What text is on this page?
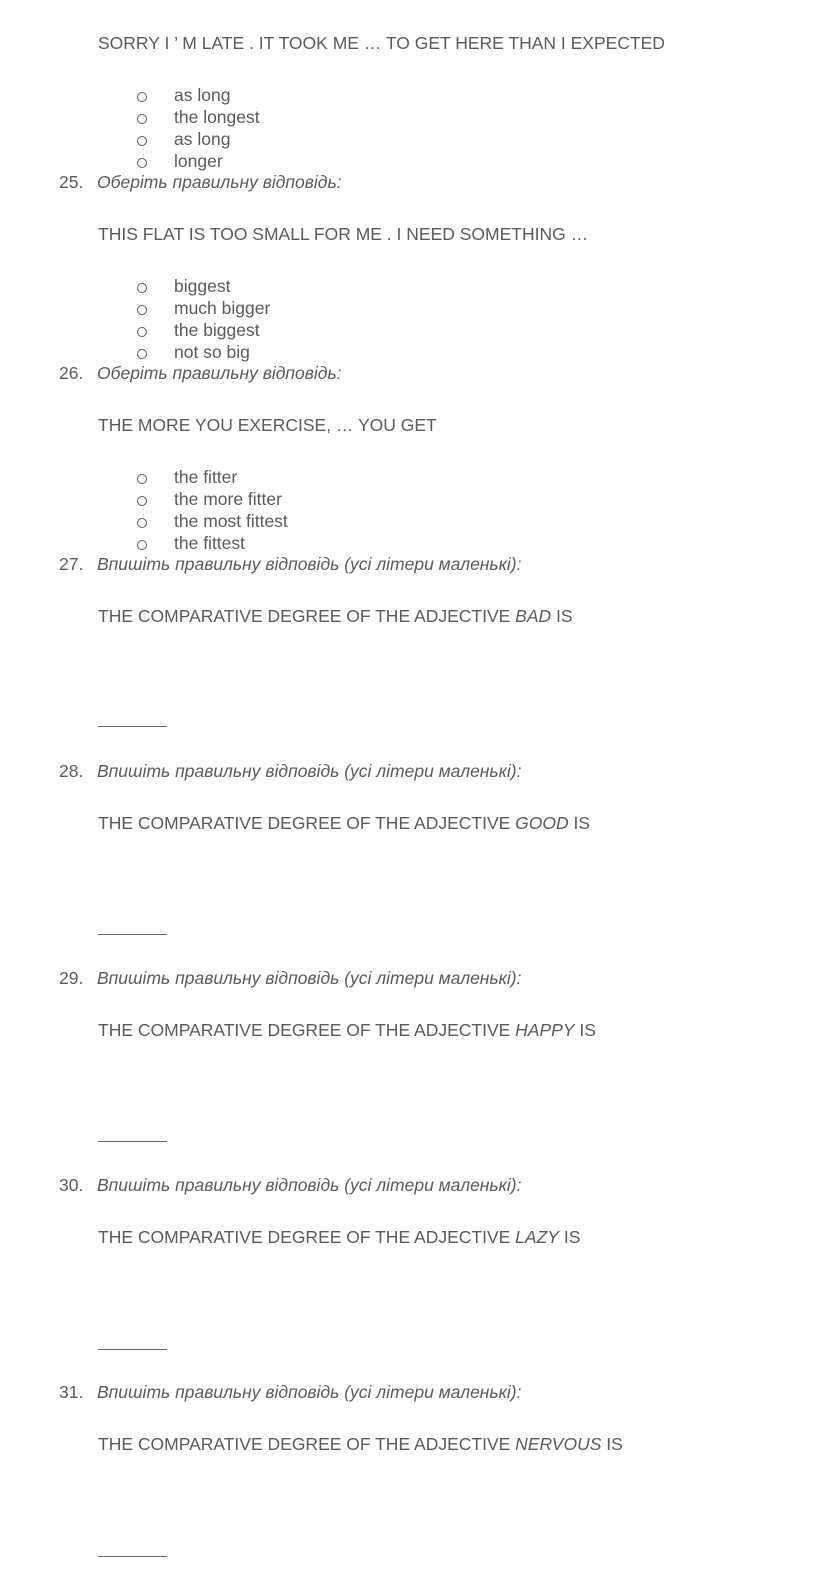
SORRY I ’ M LATE . IT TOOK ME … TO GET HERE THAN I EXPECTED
as long
the longest
as long
longer
25. Оберіть правильну відповідь:
THIS FLAT IS TOO SMALL FOR ME . I NEED SOMETHING …
biggest
much bigger
the biggest
not so big
26. Оберіть правильну відповідь:
THE MORE YOU EXERCISE, … YOU GET
the fitter
the more fitter
the most fittest
the fittest
27. Впишіть правильну відповідь (усі літери маленькі):
THE COMPARATIVE DEGREE OF THE ADJECTIVE BAD IS
28. Впишіть правильну відповідь (усі літери маленькі):
THE COMPARATIVE DEGREE OF THE ADJECTIVE GOOD IS
29. Впишіть правильну відповідь (усі літери маленькі):
THE COMPARATIVE DEGREE OF THE ADJECTIVE HAPPY IS
30. Впишіть правильну відповідь (усі літери маленькі):
THE COMPARATIVE DEGREE OF THE ADJECTIVE LAZY IS
31. Впишіть правильну відповідь (усі літери маленькі):
THE COMPARATIVE DEGREE OF THE ADJECTIVE NERVOUS IS
